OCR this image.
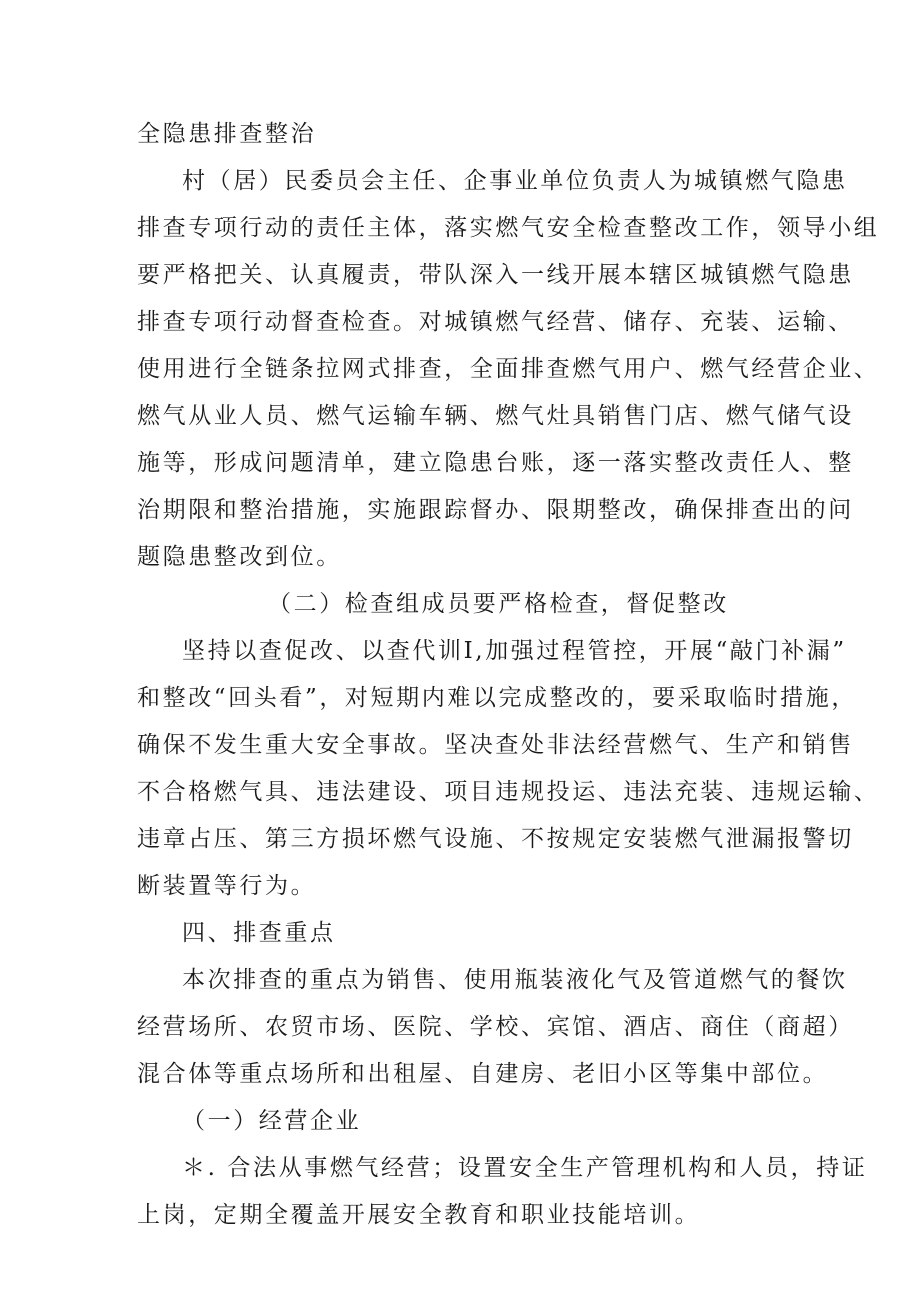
全隐患排查整治
村（居）民委员会主任、企事业单位负责人为城镇燃气隐患
排查专项行动的责任主体，落实燃气安全检查整改工作，领导小组
要严格把关、认真履责，带队深入一线开展本辖区城镇燃气隐患
排查专项行动督查检查。对城镇燃气经营、储存、充装、运输、
使用进行全链条拉网式排查，全面排查燃气用户、燃气经营企业、
燃气从业人员、燃气运输车辆、燃气灶具销售门店、燃气储气设
施等，形成问题清单，建立隐患台账，逐一落实整改责任人、整
治期限和整治措施，实施跟踪督办、限期整改，确保排查出的问
题隐患整改到位。
（二）检查组成员要严格检查，督促整改
坚持以查促改、以查代训I,加强过程管控，开展“敲门补漏”
和整改“回头看”，对短期内难以完成整改的，要采取临时措施，
确保不发生重大安全事故。坚决查处非法经营燃气、生产和销售
不合格燃气具、违法建设、项目违规投运、违法充装、违规运输、
违章占压、第三方损坏燃气设施、不按规定安装燃气泄漏报警切
断装置等行为。
四、排查重点
本次排查的重点为销售、使用瓶装液化气及管道燃气的餐饮
经营场所、农贸市场、医院、学校、宾馆、酒店、商住（商超）
混合体等重点场所和出租屋、自建房、老旧小区等集中部位。
（一）经营企业
＊. 合法从事燃气经营；设置安全生产管理机构和人员，持证
上岗，定期全覆盖开展安全教育和职业技能培训。
